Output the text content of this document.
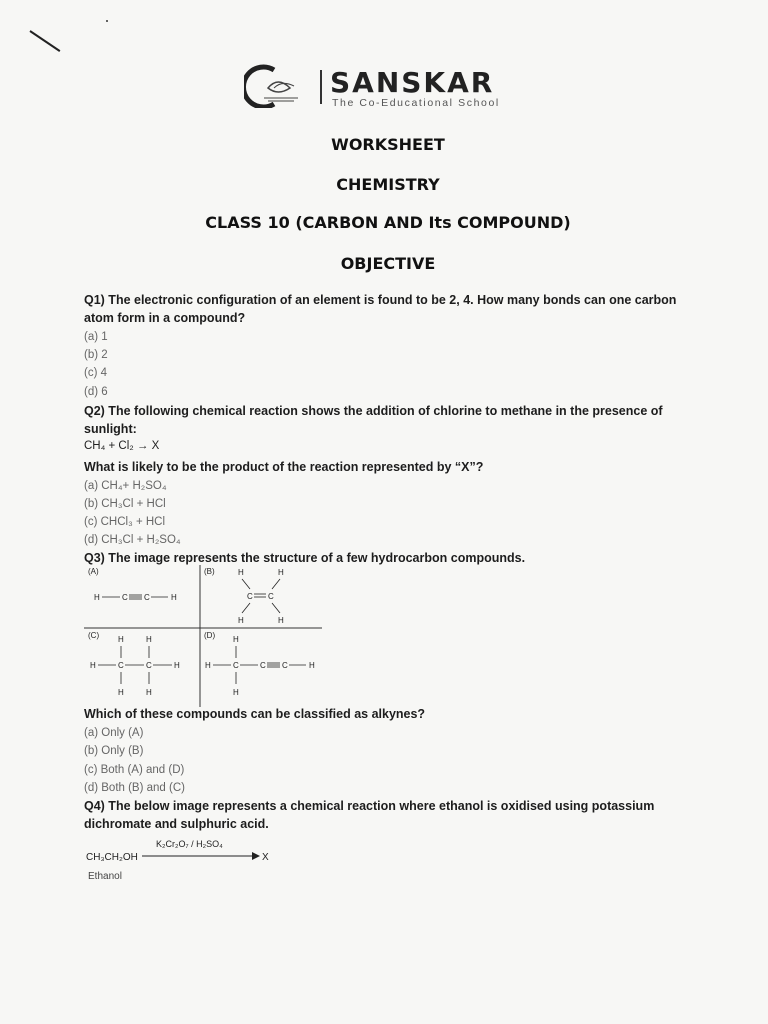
SANSKAR
The Co-Educational School
WORKSHEET
CHEMISTRY
CLASS 10 (CARBON AND Its COMPOUND)
OBJECTIVE
Q1) The electronic configuration of an element is found to be 2, 4. How many bonds can one carbon atom form in a compound?
(a) 1
(b) 2
(c) 4
(d) 6
Q2) The following chemical reaction shows the addition of chlorine to methane in the presence of sunlight:
CH₄ + Cl₂ → X
What is likely to be the product of the reaction represented by “X”?
(a) CH₄+ H₂SO₄
(b) CH₃Cl + HCl
(c) CHCl₃ + HCl
(d) CH₃Cl + H₂SO₄
Q3) The image represents the structure of a few hydrocarbon compounds.
(A)	(B)
(C)	(D)
H	C C	H
H	H
C C
H	H
H	H
H	C	C	H
H	H
H
H	C	C C	H
H
Which of these compounds can be classified as alkynes?
(a) Only (A)
(b) Only (B)
(c) Both (A) and (D)
(d) Both (B) and (C)
Q4) The below image represents a chemical reaction where ethanol is oxidised using potassium dichromate and sulphuric acid.
CH₃CH₂OH
K₂Cr₂O₇ / H₂SO₄
X
Ethanol
